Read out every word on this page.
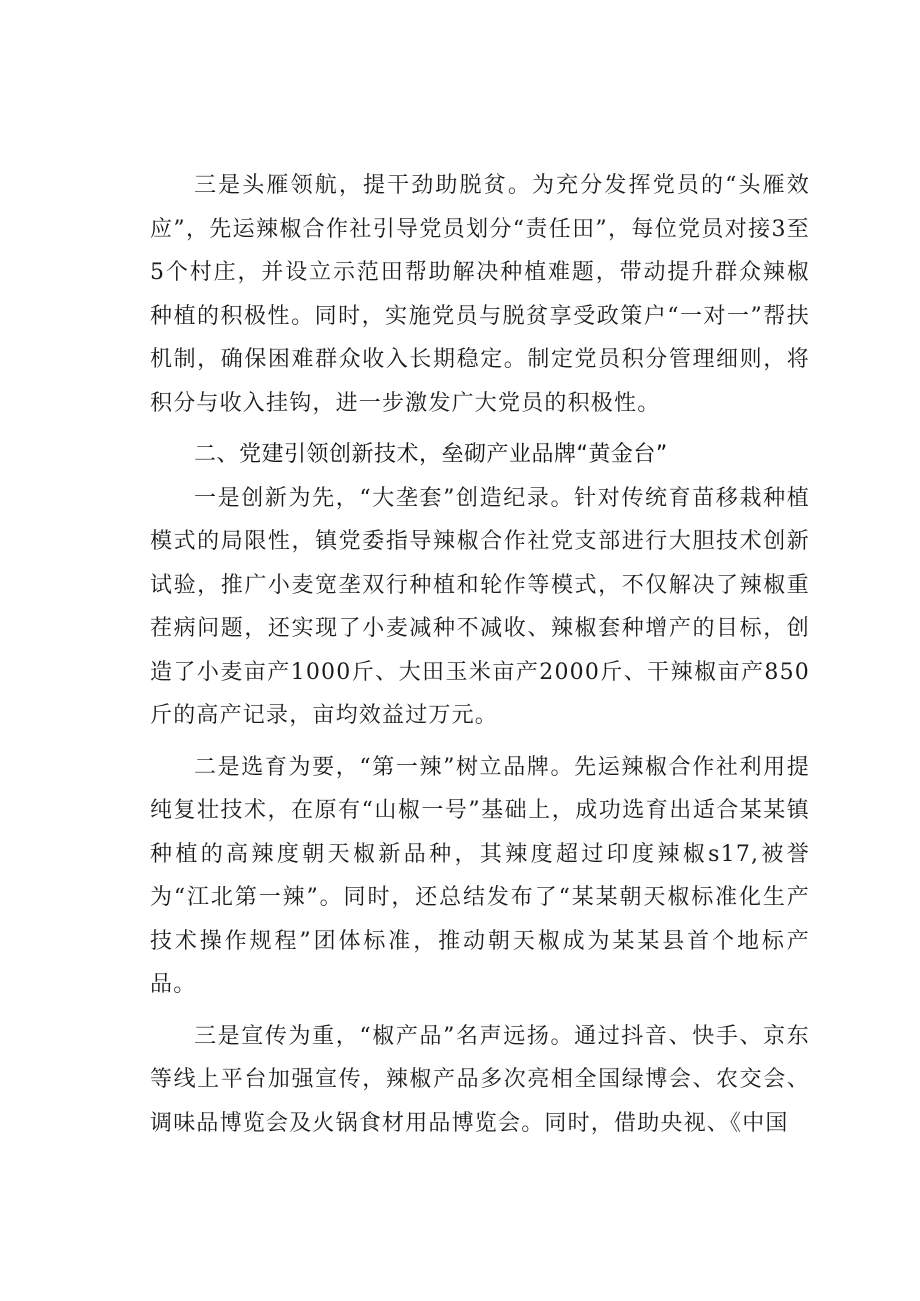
三是头雁领航，提干劲助脱贫。为充分发挥党员的“头雁效应”，先运辣椒合作社引导党员划分“责任田”，每位党员对接3至5个村庄，并设立示范田帮助解决种植难题，带动提升群众辣椒种植的积极性。同时，实施党员与脱贫享受政策户“一对一”帮扶机制，确保困难群众收入长期稳定。制定党员积分管理细则，将积分与收入挂钩，进一步激发广大党员的积极性。

二、党建引领创新技术，垒砌产业品牌“黄金台”

一是创新为先，“大垄套”创造纪录。针对传统育苗移栽种植模式的局限性，镇党委指导辣椒合作社党支部进行大胆技术创新试验，推广小麦宽垄双行种植和轮作等模式，不仅解决了辣椒重茬病问题，还实现了小麦减种不减收、辣椒套种增产的目标，创造了小麦亩产1000斤、大田玉米亩产2000斤、干辣椒亩产850斤的高产记录，亩均效益过万元。

二是选育为要，“第一辣”树立品牌。先运辣椒合作社利用提纯复壮技术，在原有“山椒一号”基础上，成功选育出适合某某镇种植的高辣度朝天椒新品种，其辣度超过印度辣椒s17,被誉为“江北第一辣”。同时，还总结发布了“某某朝天椒标准化生产技术操作规程”团体标准，推动朝天椒成为某某县首个地标产品。

三是宣传为重，“椒产品”名声远扬。通过抖音、快手、京东等线上平台加强宣传，辣椒产品多次亮相全国绿博会、农交会、调味品博览会及火锅食材用品博览会。同时，借助央视、《中国
